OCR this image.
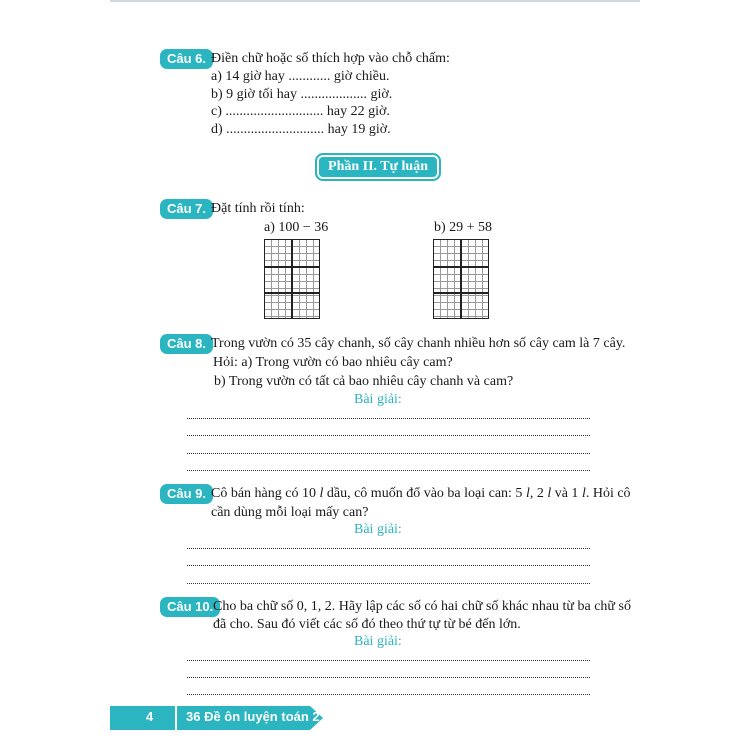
Câu 6. Điền chữ hoặc số thích hợp vào chỗ chấm:
a) 14 giờ hay ............ giờ chiều.
b) 9 giờ tối hay ................... giờ.
c) ............................ hay 22 giờ.
d) ............................ hay 19 giờ.
Phần II. Tự luận
Câu 7. Đặt tính rồi tính:
a) 100 − 36	b) 29 + 58
Câu 8. Trong vườn có 35 cây chanh, số cây chanh nhiều hơn số cây cam là 7 cây.
Hỏi: a) Trong vườn có bao nhiêu cây cam?
b) Trong vườn có tất cả bao nhiêu cây chanh và cam?
Bài giải:
Câu 9. Cô bán hàng có 10 l dầu, cô muốn đổ vào ba loại can: 5 l, 2 l và 1 l. Hỏi cô
cần dùng mỗi loại mấy can?
Bài giải:
Câu 10. Cho ba chữ số 0, 1, 2. Hãy lập các số có hai chữ số khác nhau từ ba chữ số
đã cho. Sau đó viết các số đó theo thứ tự từ bé đến lớn.
Bài giải:
4	36 Đề ôn luyện toán 2
